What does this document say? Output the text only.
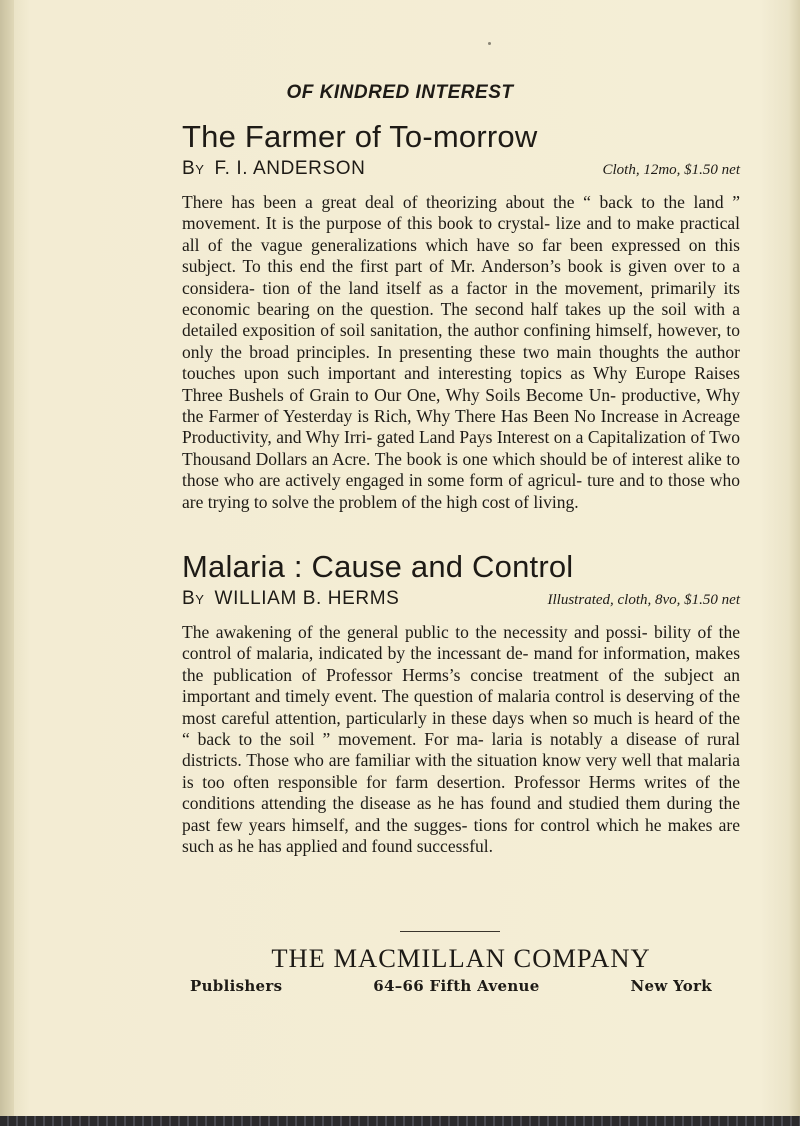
OF KINDRED INTEREST
The Farmer of To-morrow
By F. I. ANDERSON	Cloth, 12mo, $1.50 net

There has been a great deal of theorizing about the “ back to the land ” movement. It is the purpose of this book to crystal- lize and to make practical all of the vague generalizations which have so far been expressed on this subject. To this end the first part of Mr. Anderson’s book is given over to a considera- tion of the land itself as a factor in the movement, primarily its economic bearing on the question. The second half takes up the soil with a detailed exposition of soil sanitation, the author confining himself, however, to only the broad principles. In presenting these two main thoughts the author touches upon such important and interesting topics as Why Europe Raises Three Bushels of Grain to Our One, Why Soils Become Un- productive, Why the Farmer of Yesterday is Rich, Why There Has Been No Increase in Acreage Productivity, and Why Irri- gated Land Pays Interest on a Capitalization of Two Thousand Dollars an Acre. The book is one which should be of interest alike to those who are actively engaged in some form of agricul- ture and to those who are trying to solve the problem of the high cost of living.

Malaria : Cause and Control
By WILLIAM B. HERMS	Illustrated, cloth, 8vo, $1.50 net

The awakening of the general public to the necessity and possi- bility of the control of malaria, indicated by the incessant de- mand for information, makes the publication of Professor Herms’s concise treatment of the subject an important and timely event. The question of malaria control is deserving of the most careful attention, particularly in these days when so much is heard of the “ back to the soil ” movement. For ma- laria is notably a disease of rural districts. Those who are familiar with the situation know very well that malaria is too often responsible for farm desertion. Professor Herms writes of the conditions attending the disease as he has found and studied them during the past few years himself, and the sugges- tions for control which he makes are such as he has applied and found successful.

THE MACMILLAN COMPANY
Publishers	64–66 Fifth Avenue	New York
